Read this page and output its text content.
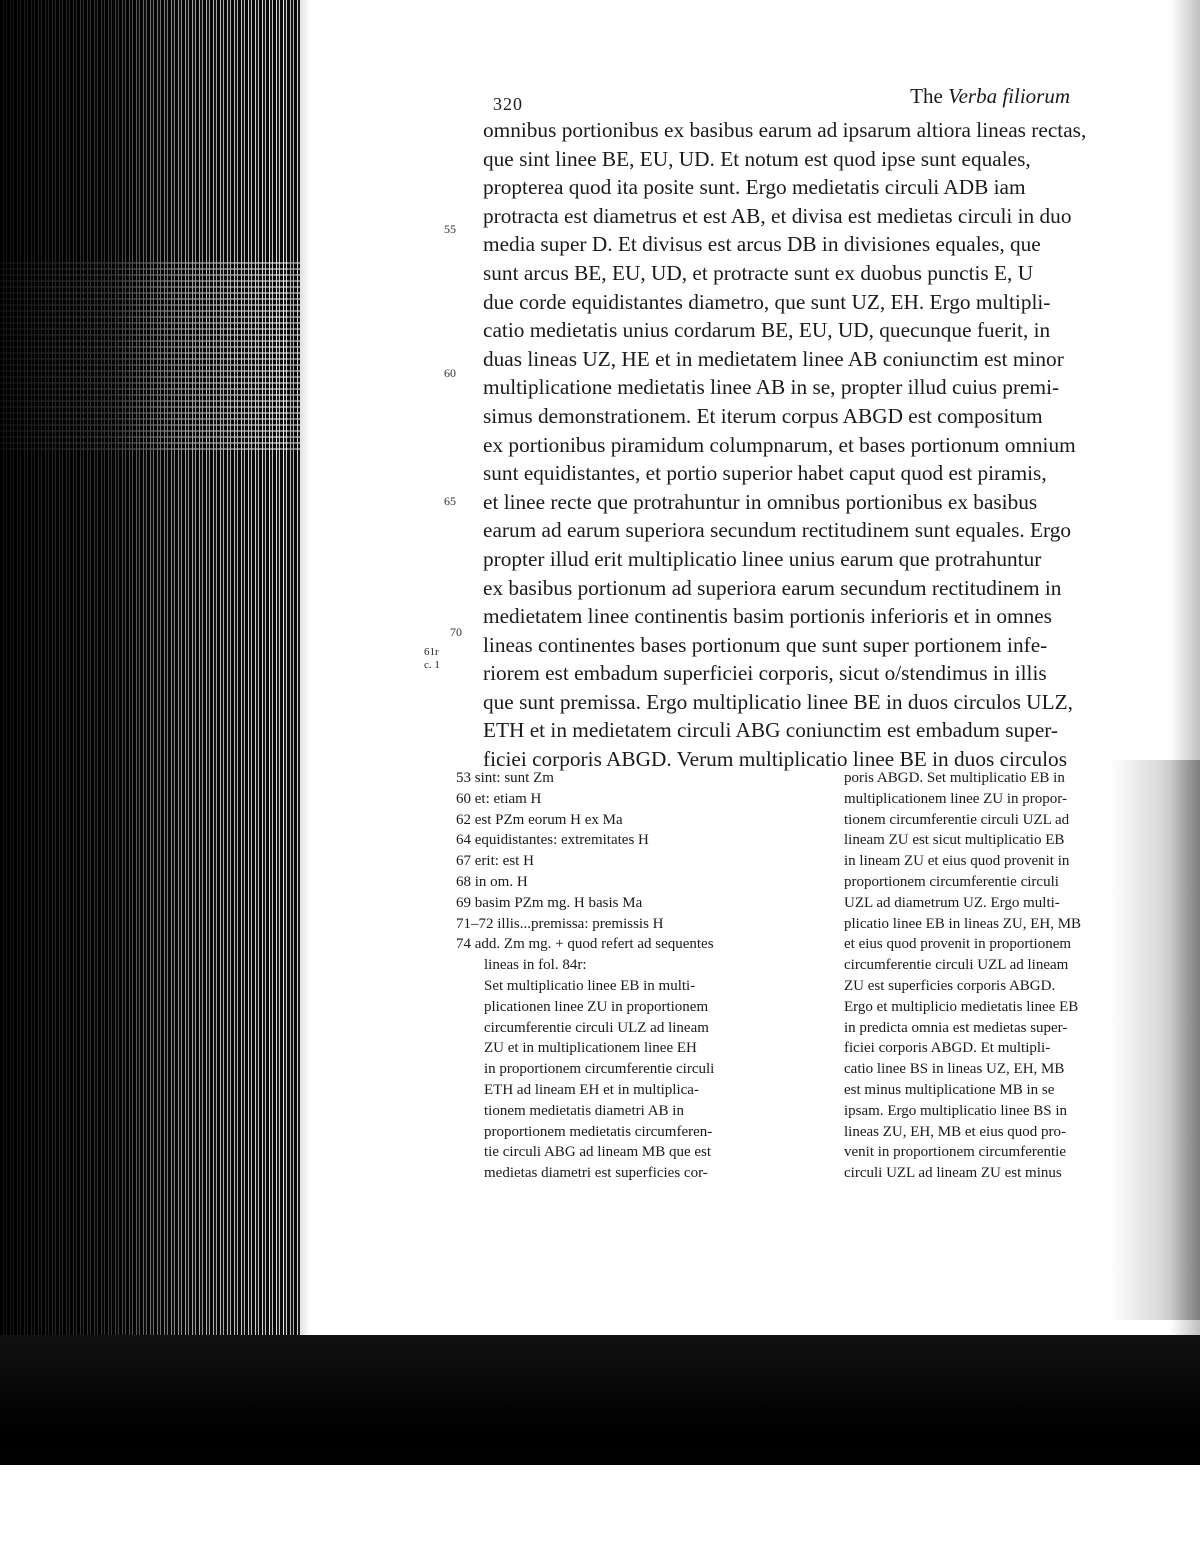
320	The Verba filiorum
omnibus portionibus ex basibus earum ad ipsarum altiora lineas rectas,
que sint linee BE, EU, UD. Et notum est quod ipse sunt equales,
propterea quod ita posite sunt. Ergo medietatis circuli ADB iam
protracta est diametrus et est AB, et divisa est medietas circuli in duo
media super D. Et divisus est arcus DB in divisiones equales, que
sunt arcus BE, EU, UD, et protracte sunt ex duobus punctis E, U
due corde equidistantes diametro, que sunt UZ, EH. Ergo multipli-
catio medietatis unius cordarum BE, EU, UD, quecunque fuerit, in
duas lineas UZ, HE et in medietatem linee AB coniunctim est minor
multiplicatione medietatis linee AB in se, propter illud cuius premi-
simus demonstrationem. Et iterum corpus ABGD est compositum
ex portionibus piramidum columpnarum, et bases portionum omnium
sunt equidistantes, et portio superior habet caput quod est piramis,
et linee recte que protrahuntur in omnibus portionibus ex basibus
earum ad earum superiora secundum rectitudinem sunt equales. Ergo
propter illud erit multiplicatio linee unius earum que protrahuntur
ex basibus portionum ad superiora earum secundum rectitudinem in
medietatem linee continentis basim portionis inferioris et in omnes
lineas continentes bases portionum que sunt super portionem infe-
riorem est embadum superficiei corporis, sicut o/stendimus in illis
que sunt premissa. Ergo multiplicatio linee BE in duos circulos ULZ,
ETH et in medietatem circuli ABG coniunctim est embadum super-
ficiei corporis ABGD. Verum multiplicatio linee BE in duos circulos
55
60
65
70
61r
c. 1
53 sint: sunt Zm
60 et: etiam H
62 est PZm eorum H ex Ma
64 equidistantes: extremitates H
67 erit: est H
68 in om. H
69 basim PZm mg. H basis Ma
71–72 illis...premissa: premissis H
74 add. Zm mg. + quod refert ad sequentes
lineas in fol. 84r:
Set multiplicatio linee EB in multi-
plicationen linee ZU in proportionem
circumferentie circuli ULZ ad lineam
ZU et in multiplicationem linee EH
in proportionem circumferentie circuli
ETH ad lineam EH et in multiplica-
tionem medietatis diametri AB in
proportionem medietatis circumferen-
tie circuli ABG ad lineam MB que est
medietas diametri est superficies cor-
poris ABGD. Set multiplicatio EB in
multiplicationem linee ZU in propor-
tionem circumferentie circuli UZL ad
lineam ZU est sicut multiplicatio EB
in lineam ZU et eius quod provenit in
proportionem circumferentie circuli
UZL ad diametrum UZ. Ergo multi-
plicatio linee EB in lineas ZU, EH, MB
et eius quod provenit in proportionem
circumferentie circuli UZL ad lineam
ZU est superficies corporis ABGD.
Ergo et multiplicio medietatis linee EB
in predicta omnia est medietas super-
ficiei corporis ABGD. Et multipli-
catio linee BS in lineas UZ, EH, MB
est minus multiplicatione MB in se
ipsam. Ergo multiplicatio linee BS in
lineas ZU, EH, MB et eius quod pro-
venit in proportionem circumferentie
circuli UZL ad lineam ZU est minus
